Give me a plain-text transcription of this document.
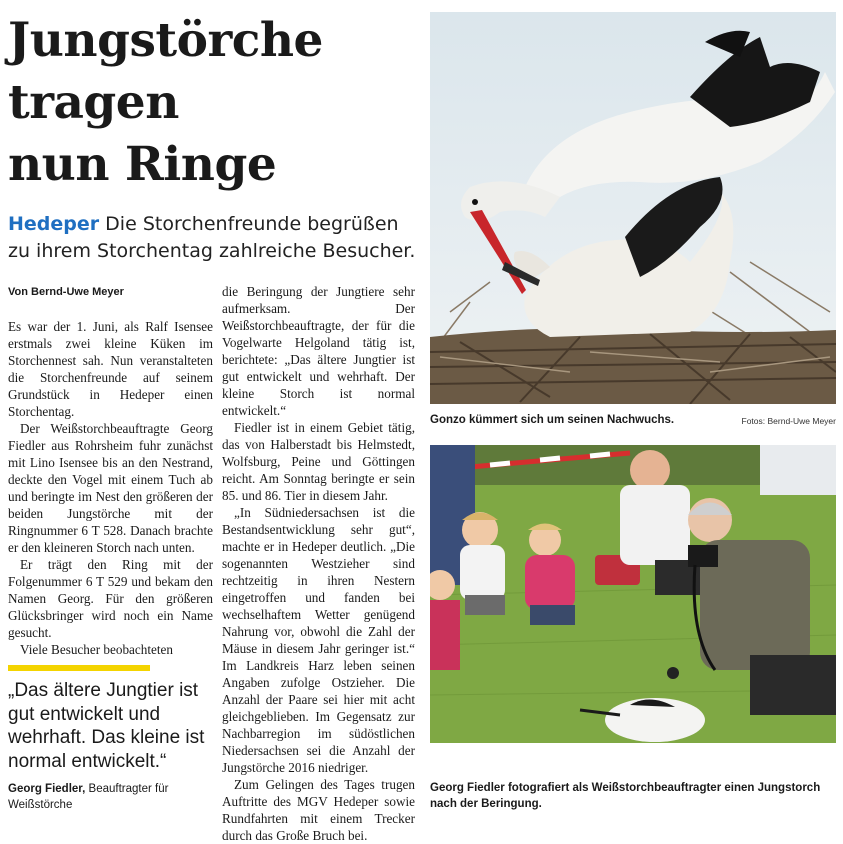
Jungstörche
tragen
nun Ringe
Hedeper Die Storchenfreunde begrüßen zu ihrem Storchentag zahlreiche Besucher.
Von Bernd-Uwe Meyer

Es war der 1. Juni, als Ralf Isensee erstmals zwei kleine Küken im Storchennest sah. Nun veranstalteten die Storchenfreunde auf seinem Grundstück in Hedeper einen Storchentag.

Der Weißstorchbeauftragte Georg Fiedler aus Rohrsheim fuhr zunächst mit Lino Isensee bis an den Nestrand, deckte den Vogel mit einem Tuch ab und beringte im Nest den größeren der beiden Jungstörche mit der Ringnummer 6 T 528. Danach brachte er den kleineren Storch nach unten.

Er trägt den Ring mit der Folgenummer 6 T 529 und bekam den Namen Georg. Für den größeren Glücksbringer wird noch ein Name gesucht.

Viele Besucher beobachteten

„Das ältere Jungtier ist gut entwickelt und wehrhaft. Das kleine ist normal entwickelt.“
Georg Fiedler, Beauftragter für Weißstörche

die Beringung der Jungtiere sehr aufmerksam. Der Weißstorchbeauftragte, der für die Vogelwarte Helgoland tätig ist, berichtete: „Das ältere Jungtier ist gut entwickelt und wehrhaft. Der kleine Storch ist normal entwickelt.“

Fiedler ist in einem Gebiet tätig, das von Halberstadt bis Helmstedt, Wolfsburg, Peine und Göttingen reicht. Am Sonntag beringte er sein 85. und 86. Tier in diesem Jahr.

„In Südniedersachsen ist die Bestandsentwicklung sehr gut“, machte er in Hedeper deutlich. „Die sogenannten Westzieher sind rechtzeitig in ihren Nestern eingetroffen und fanden bei wechselhaftem Wetter genügend Nahrung vor, obwohl die Zahl der Mäuse in diesem Jahr geringer ist.“ Im Landkreis Harz leben seinen Angaben zufolge Ostzieher. Die Anzahl der Paare sei hier mit acht gleichgeblieben. Im Gegensatz zur Nachbarregion im südöstlichen Niedersachsen sei die Anzahl der Jungstörche 2016 niedriger.

Zum Gelingen des Tages trugen Auftritte des MGV Hedeper sowie Rundfahrten mit einem Trecker durch das Große Bruch bei.

Gonzo kümmert sich um seinen Nachwuchs.	Fotos: Bernd-Uwe Meyer
Georg Fiedler fotografiert als Weißstorchbeauftragter einen Jungstorch nach der Beringung.
